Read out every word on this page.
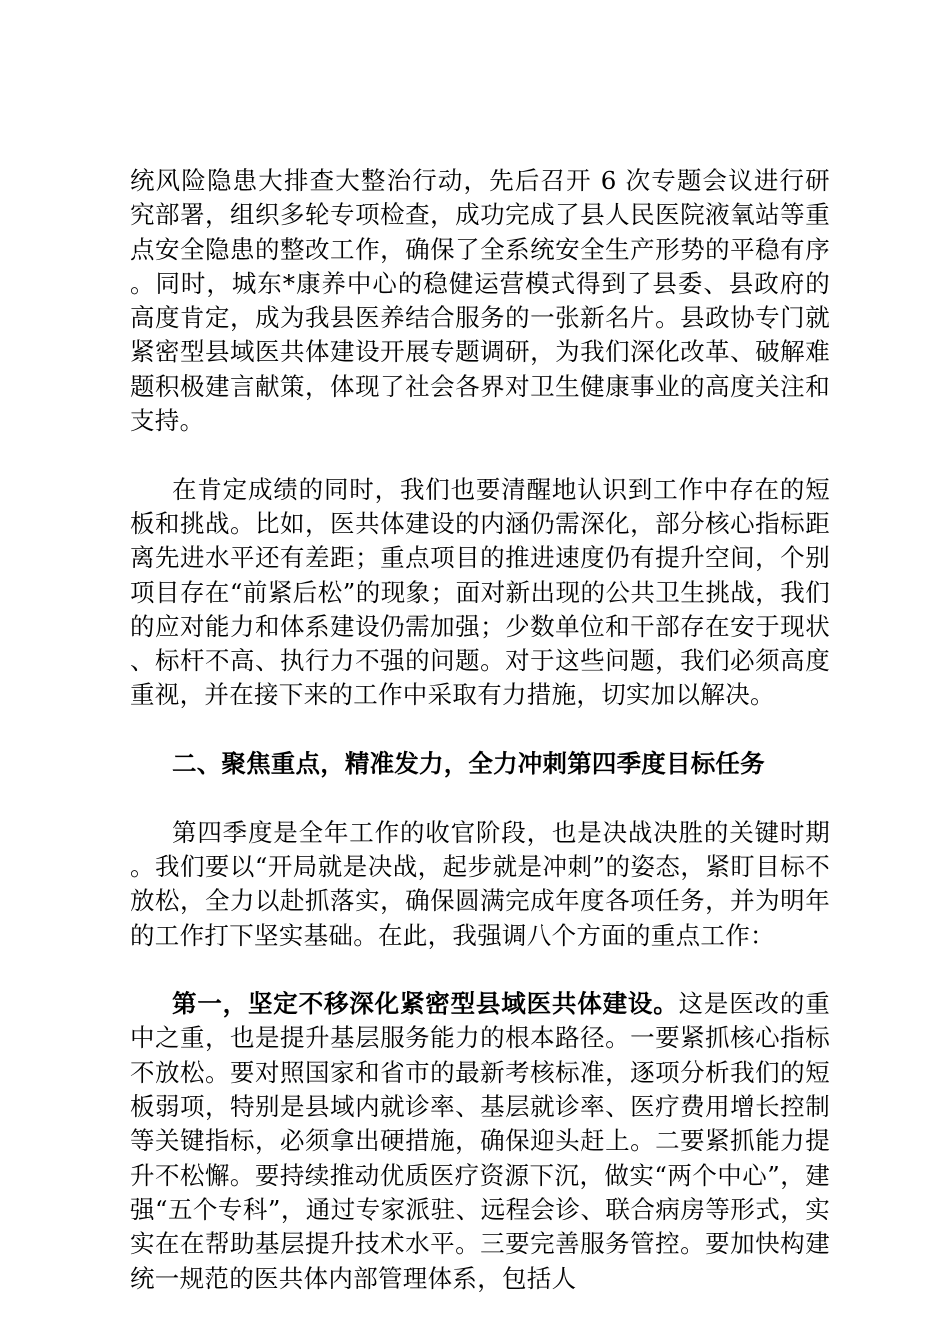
统风险隐患大排查大整治行动，先后召开 6 次专题会议进行研究部署，组织多轮专项检查，成功完成了县人民医院液氧站等重点安全隐患的整改工作，确保了全系统安全生产形势的平稳有序。同时，城东*康养中心的稳健运营模式得到了县委、县政府的高度肯定，成为我县医养结合服务的一张新名片。县政协专门就紧密型县域医共体建设开展专题调研，为我们深化改革、破解难题积极建言献策，体现了社会各界对卫生健康事业的高度关注和支持。

在肯定成绩的同时，我们也要清醒地认识到工作中存在的短板和挑战。比如，医共体建设的内涵仍需深化，部分核心指标距离先进水平还有差距；重点项目的推进速度仍有提升空间，个别项目存在“前紧后松”的现象；面对新出现的公共卫生挑战，我们的应对能力和体系建设仍需加强；少数单位和干部存在安于现状、标杆不高、执行力不强的问题。对于这些问题，我们必须高度重视，并在接下来的工作中采取有力措施，切实加以解决。

二、聚焦重点，精准发力，全力冲刺第四季度目标任务

第四季度是全年工作的收官阶段，也是决战决胜的关键时期。我们要以“开局就是决战，起步就是冲刺”的姿态，紧盯目标不放松，全力以赴抓落实，确保圆满完成年度各项任务，并为明年的工作打下坚实基础。在此，我强调八个方面的重点工作：

第一，坚定不移深化紧密型县域医共体建设。这是医改的重中之重，也是提升基层服务能力的根本路径。一要紧抓核心指标不放松。要对照国家和省市的最新考核标准，逐项分析我们的短板弱项，特别是县域内就诊率、基层就诊率、医疗费用增长控制等关键指标，必须拿出硬措施，确保迎头赶上。二要紧抓能力提升不松懈。要持续推动优质医疗资源下沉，做实“两个中心”，建强“五个专科”，通过专家派驻、远程会诊、联合病房等形式，实实在在帮助基层提升技术水平。三要完善服务管控。要加快构建统一规范的医共体内部管理体系，包括人
